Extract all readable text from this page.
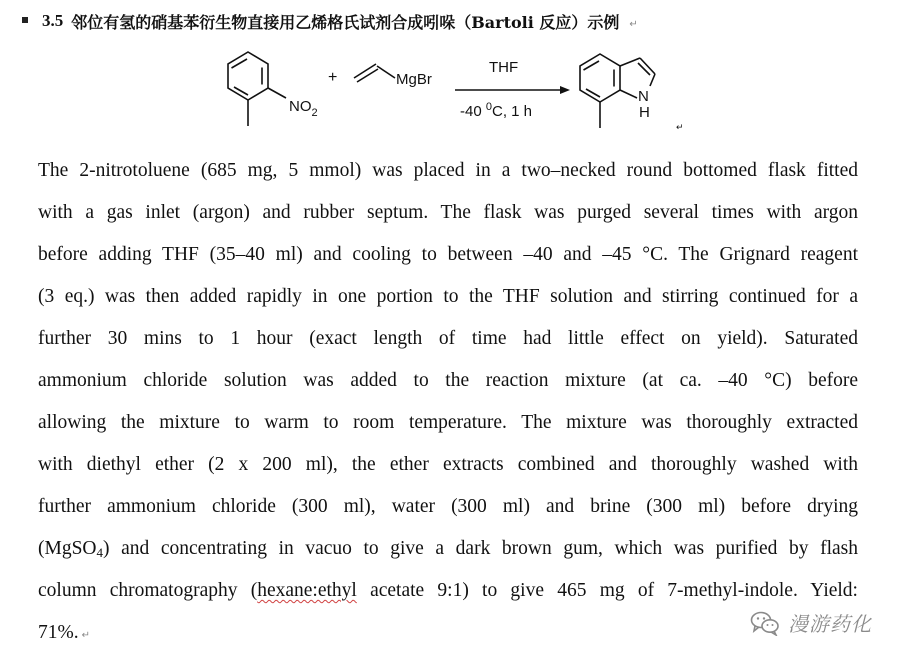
3.5 邻位有氢的硝基苯衍生物直接用乙烯格氏试剂合成吲哚（Bartoli 反应）示例 ↵
$NO_2$
+	MgBr
THF
-40 $^0$C, 1 h
N
H
↵
The 2-nitrotoluene (685 mg, 5 mmol) was placed in a two–necked round bottomed flask fitted
with a gas inlet (argon) and rubber septum. The flask was purged several times with argon
before adding THF (35–40 ml) and cooling to between –40 and –45 °C. The Grignard reagent
(3 eq.) was then added rapidly in one portion to the THF solution and stirring continued for a
further 30 mins to 1 hour (exact length of time had little effect on yield). Saturated
ammonium chloride solution was added to the reaction mixture (at ca. –40 °C) before
allowing the mixture to warm to room temperature. The mixture was thoroughly extracted
with diethyl ether (2 x 200 ml), the ether extracts combined and thoroughly washed with
further ammonium chloride (300 ml), water (300 ml) and brine (300 ml) before drying
(MgSO$_4$) and concentrating in vacuo to give a dark brown gum, which was purified by flash
column chromatography (hexane:ethyl acetate 9:1) to give 465 mg of 7-methyl-indole. Yield:
71%. ↵	漫游药化
